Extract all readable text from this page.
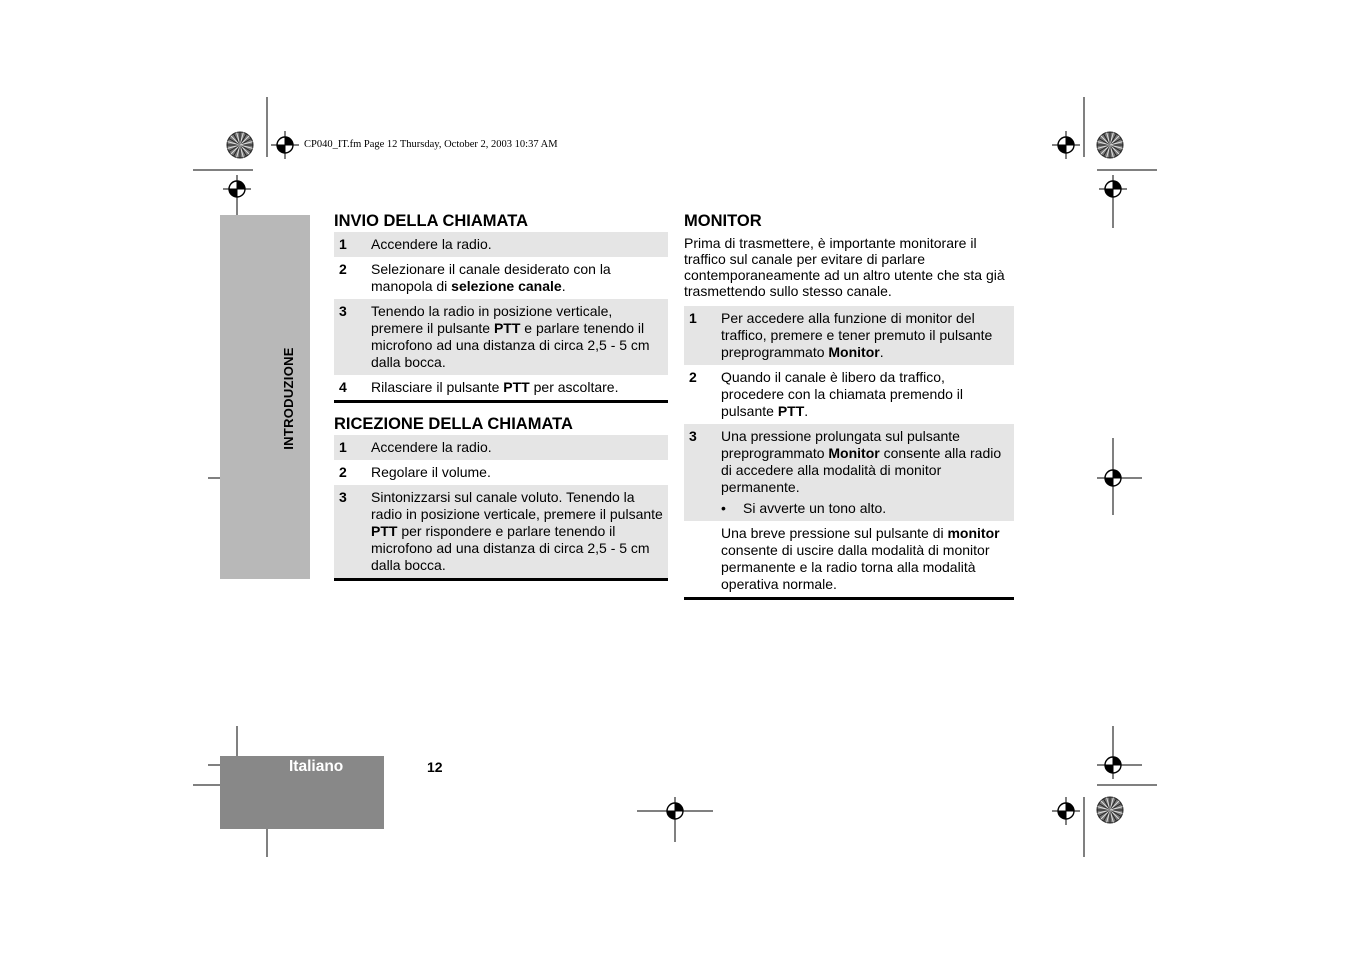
CP040_IT.fm Page 12 Thursday, October 2, 2003 10:37 AM
INTRODUZIONE
INVIO DELLA CHIAMATA
1	Accendere la radio.
2	Selezionare il canale desiderato con la manopola di selezione canale.
3	Tenendo la radio in posizione verticale, premere il pulsante PTT e parlare tenendo il microfono ad una distanza di circa 2,5 - 5 cm dalla bocca.
4	Rilasciare il pulsante PTT per ascoltare.
RICEZIONE DELLA CHIAMATA
1	Accendere la radio.
2	Regolare il volume.
3	Sintonizzarsi sul canale voluto. Tenendo la radio in posizione verticale, premere il pulsante PTT per rispondere e parlare tenendo il microfono ad una distanza di circa 2,5 - 5 cm dalla bocca.
MONITOR
Prima di trasmettere, è importante monitorare il traffico sul canale per evitare di parlare contemporaneamente ad un altro utente che sta già trasmettendo sullo stesso canale.
1	Per accedere alla funzione di monitor del traffico, premere e tener premuto il pulsante preprogrammato Monitor.
2	Quando il canale è libero da traffico, procedere con la chiamata premendo il pulsante PTT.
3	Una pressione prolungata sul pulsante preprogrammato Monitor consente alla radio di accedere alla modalità di monitor permanente.
• Si avverte un tono alto.

	Una breve pressione sul pulsante di monitor consente di uscire dalla modalità di monitor permanente e la radio torna alla modalità operativa normale.
Italiano	12
